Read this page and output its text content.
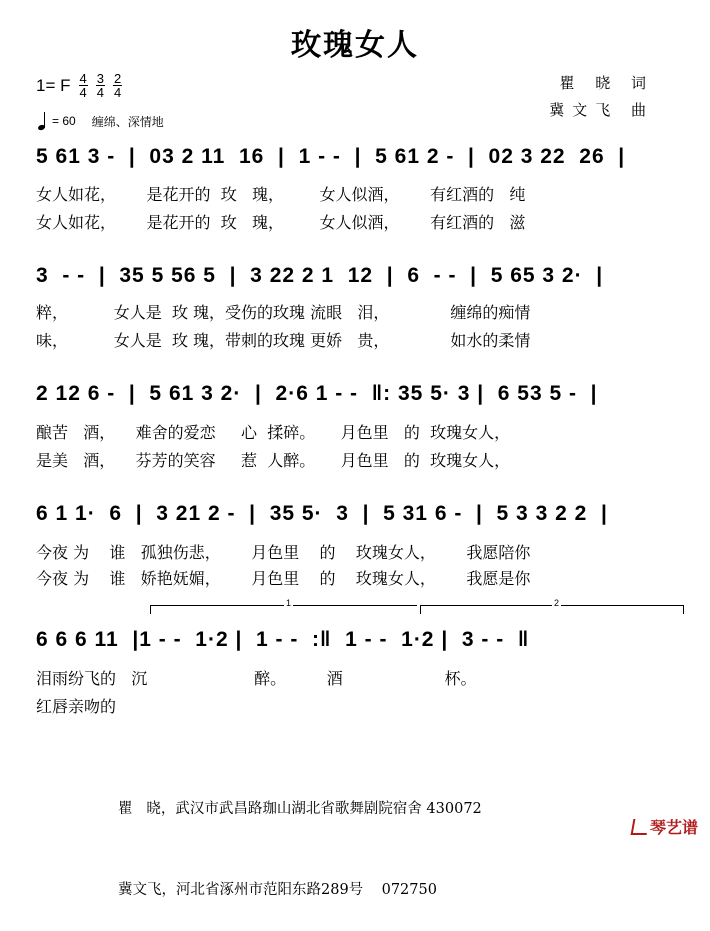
玫瑰女人
1= F $\frac{4}{4} \frac{3}{4} \frac{2}{4}$
= 60 缠绵、深情地
瞿 晓 词
冀文飞 曲
5 61 3 -  |  03 2 11  16  |  1 - -  |  5 61 2 -  |  02 3 22  26  |
女人如花，      是花开的  玫   瑰，       女人似酒，      有红酒的   纯
女人如花，      是花开的  玫   瑰，       女人似酒，      有红酒的   滋
3  - -  |  35 5 56 5  |  3 22 2 1  12  |  6  - -  |  5 65 3 2·  |
粹，         女人是  玫 瑰，受伤的玫瑰 流眼   泪，            缠绵的痴情
味，         女人是  玫 瑰，带刺的玫瑰 更娇   贵，            如水的柔情
2 12 6 -  |  5 61 3 2·  |  2·6 1 - -  ‖: 35 5· 3 |  6 53 5 -  |
酿苦   酒，    难舍的爱恋     心  揉碎。     月色里   的  玫瑰女人，
是美   酒，    芬芳的笑容     惹  人醉。     月色里   的  玫瑰女人，
6 1 1·  6  |  3 21 2 -  |  35 5·  3  |  5 31 6 -  |  5 3 3 2 2  |
今夜 为    谁   孤独伤悲，      月色里    的    玫瑰女人，      我愿陪你
今夜 为    谁   娇艳妩媚，      月色里    的    玫瑰女人，      我愿是你
1	2
6 6 6 11  |1 - -  1·2 |  1 - -  :‖  1 - -  1·2 |  3 - -  ‖
泪雨纷飞的   沉                     醉。        酒                    杯。
红唇亲吻的

瞿   晓，武汉市武昌路珈山湖北省歌舞剧院宿舍 430072

冀文飞，河北省涿州市范阳东路289号    072750

琴艺谱
